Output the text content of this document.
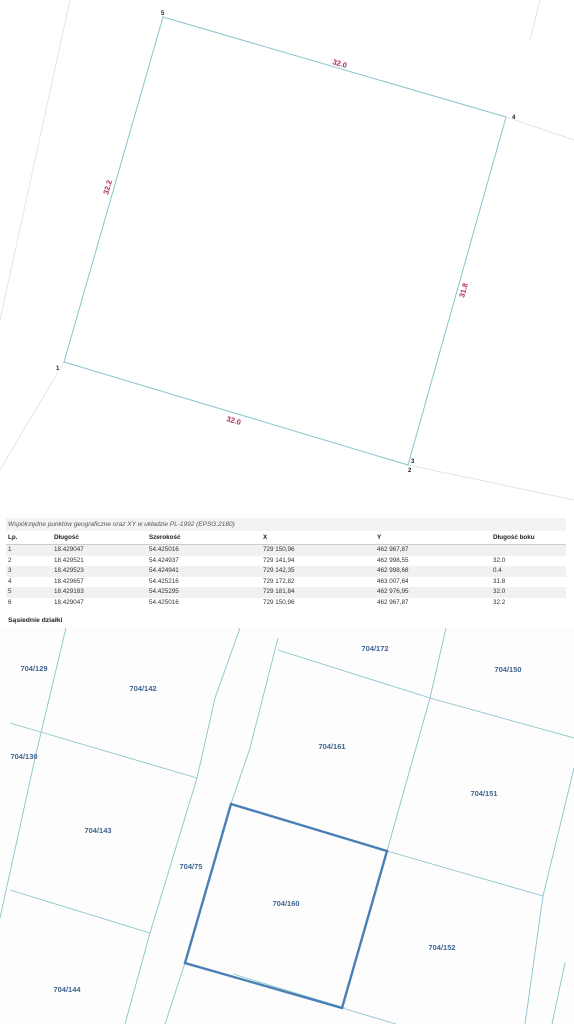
32.0
32.2
31.8
32.0
1
2
3
4
5
Współrzędne punktów geograficzne oraz XY w układzie PL-1992 (EPSG:2180)
Lp.	Długość	Szerokość	X	Y	Długość boku
1	18.429047	54.425016	729 150,96	462 967,87	
2	18.429521	54.424937	729 141,94	462 998,55	32.0
3	18.429523	54.424941	729 142,35	462 998,68	0.4
4	18.429657	54.425216	729 172,82	463 007,64	31.8
5	18.429183	54.425295	729 181,84	462 976,95	32.0
6	18.429047	54.425016	729 150,96	462 967,87	32.2
Sąsiednie działki
704/129
704/142
704/172
704/150
704/130
704/161
704/151
704/143
704/75
704/160
704/152
704/144
